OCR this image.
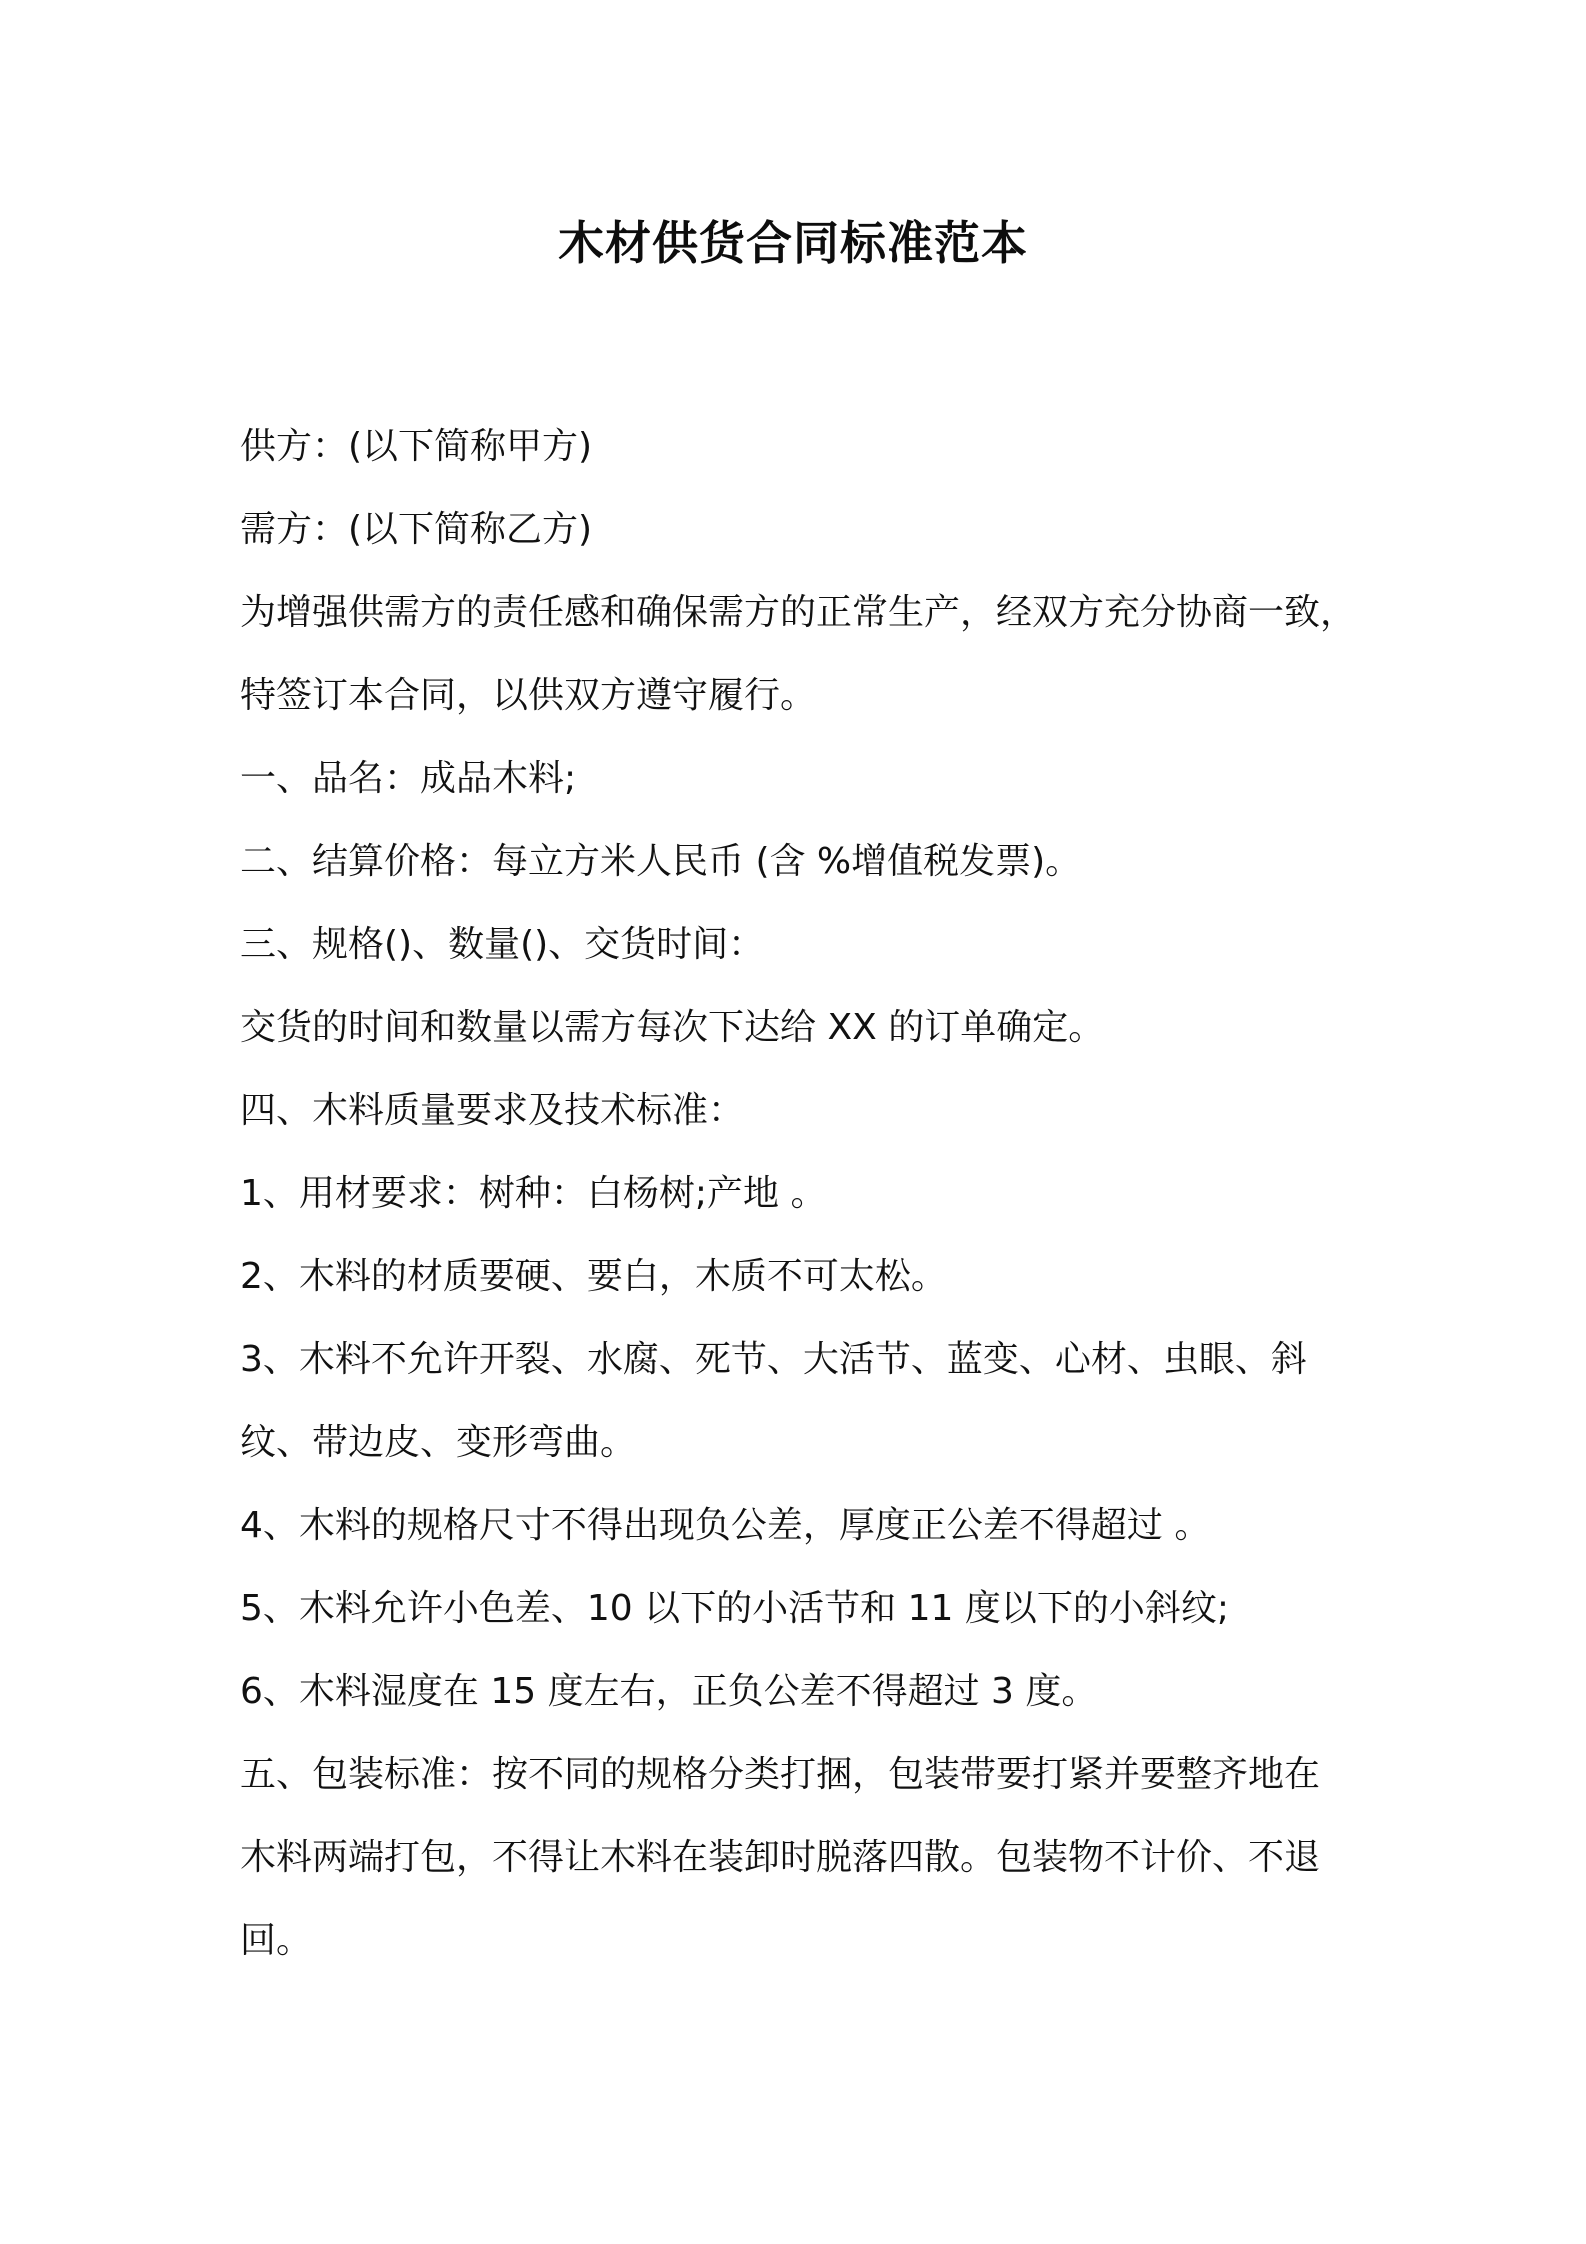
木材供货合同标准范本
供方：(以下简称甲方)
需方：(以下简称乙方)
为增强供需方的责任感和确保需方的正常生产，经双方充分协商一致，
特签订本合同，以供双方遵守履行。
一、品名：成品木料;
二、结算价格：每立方米人民币 (含 %增值税发票)。
三、规格()、数量()、交货时间：
交货的时间和数量以需方每次下达给 XX 的订单确定。
四、木料质量要求及技术标准：
1、用材要求：树种：白杨树;产地 。
2、木料的材质要硬、要白，木质不可太松。
3、木料不允许开裂、水腐、死节、大活节、蓝变、心材、虫眼、斜
纹、带边皮、变形弯曲。
4、木料的规格尺寸不得出现负公差，厚度正公差不得超过 。
5、木料允许小色差、10 以下的小活节和 11 度以下的小斜纹;
6、木料湿度在 15 度左右，正负公差不得超过 3 度。
五、包装标准：按不同的规格分类打捆，包装带要打紧并要整齐地在
木料两端打包，不得让木料在装卸时脱落四散。包装物不计价、不退
回。
